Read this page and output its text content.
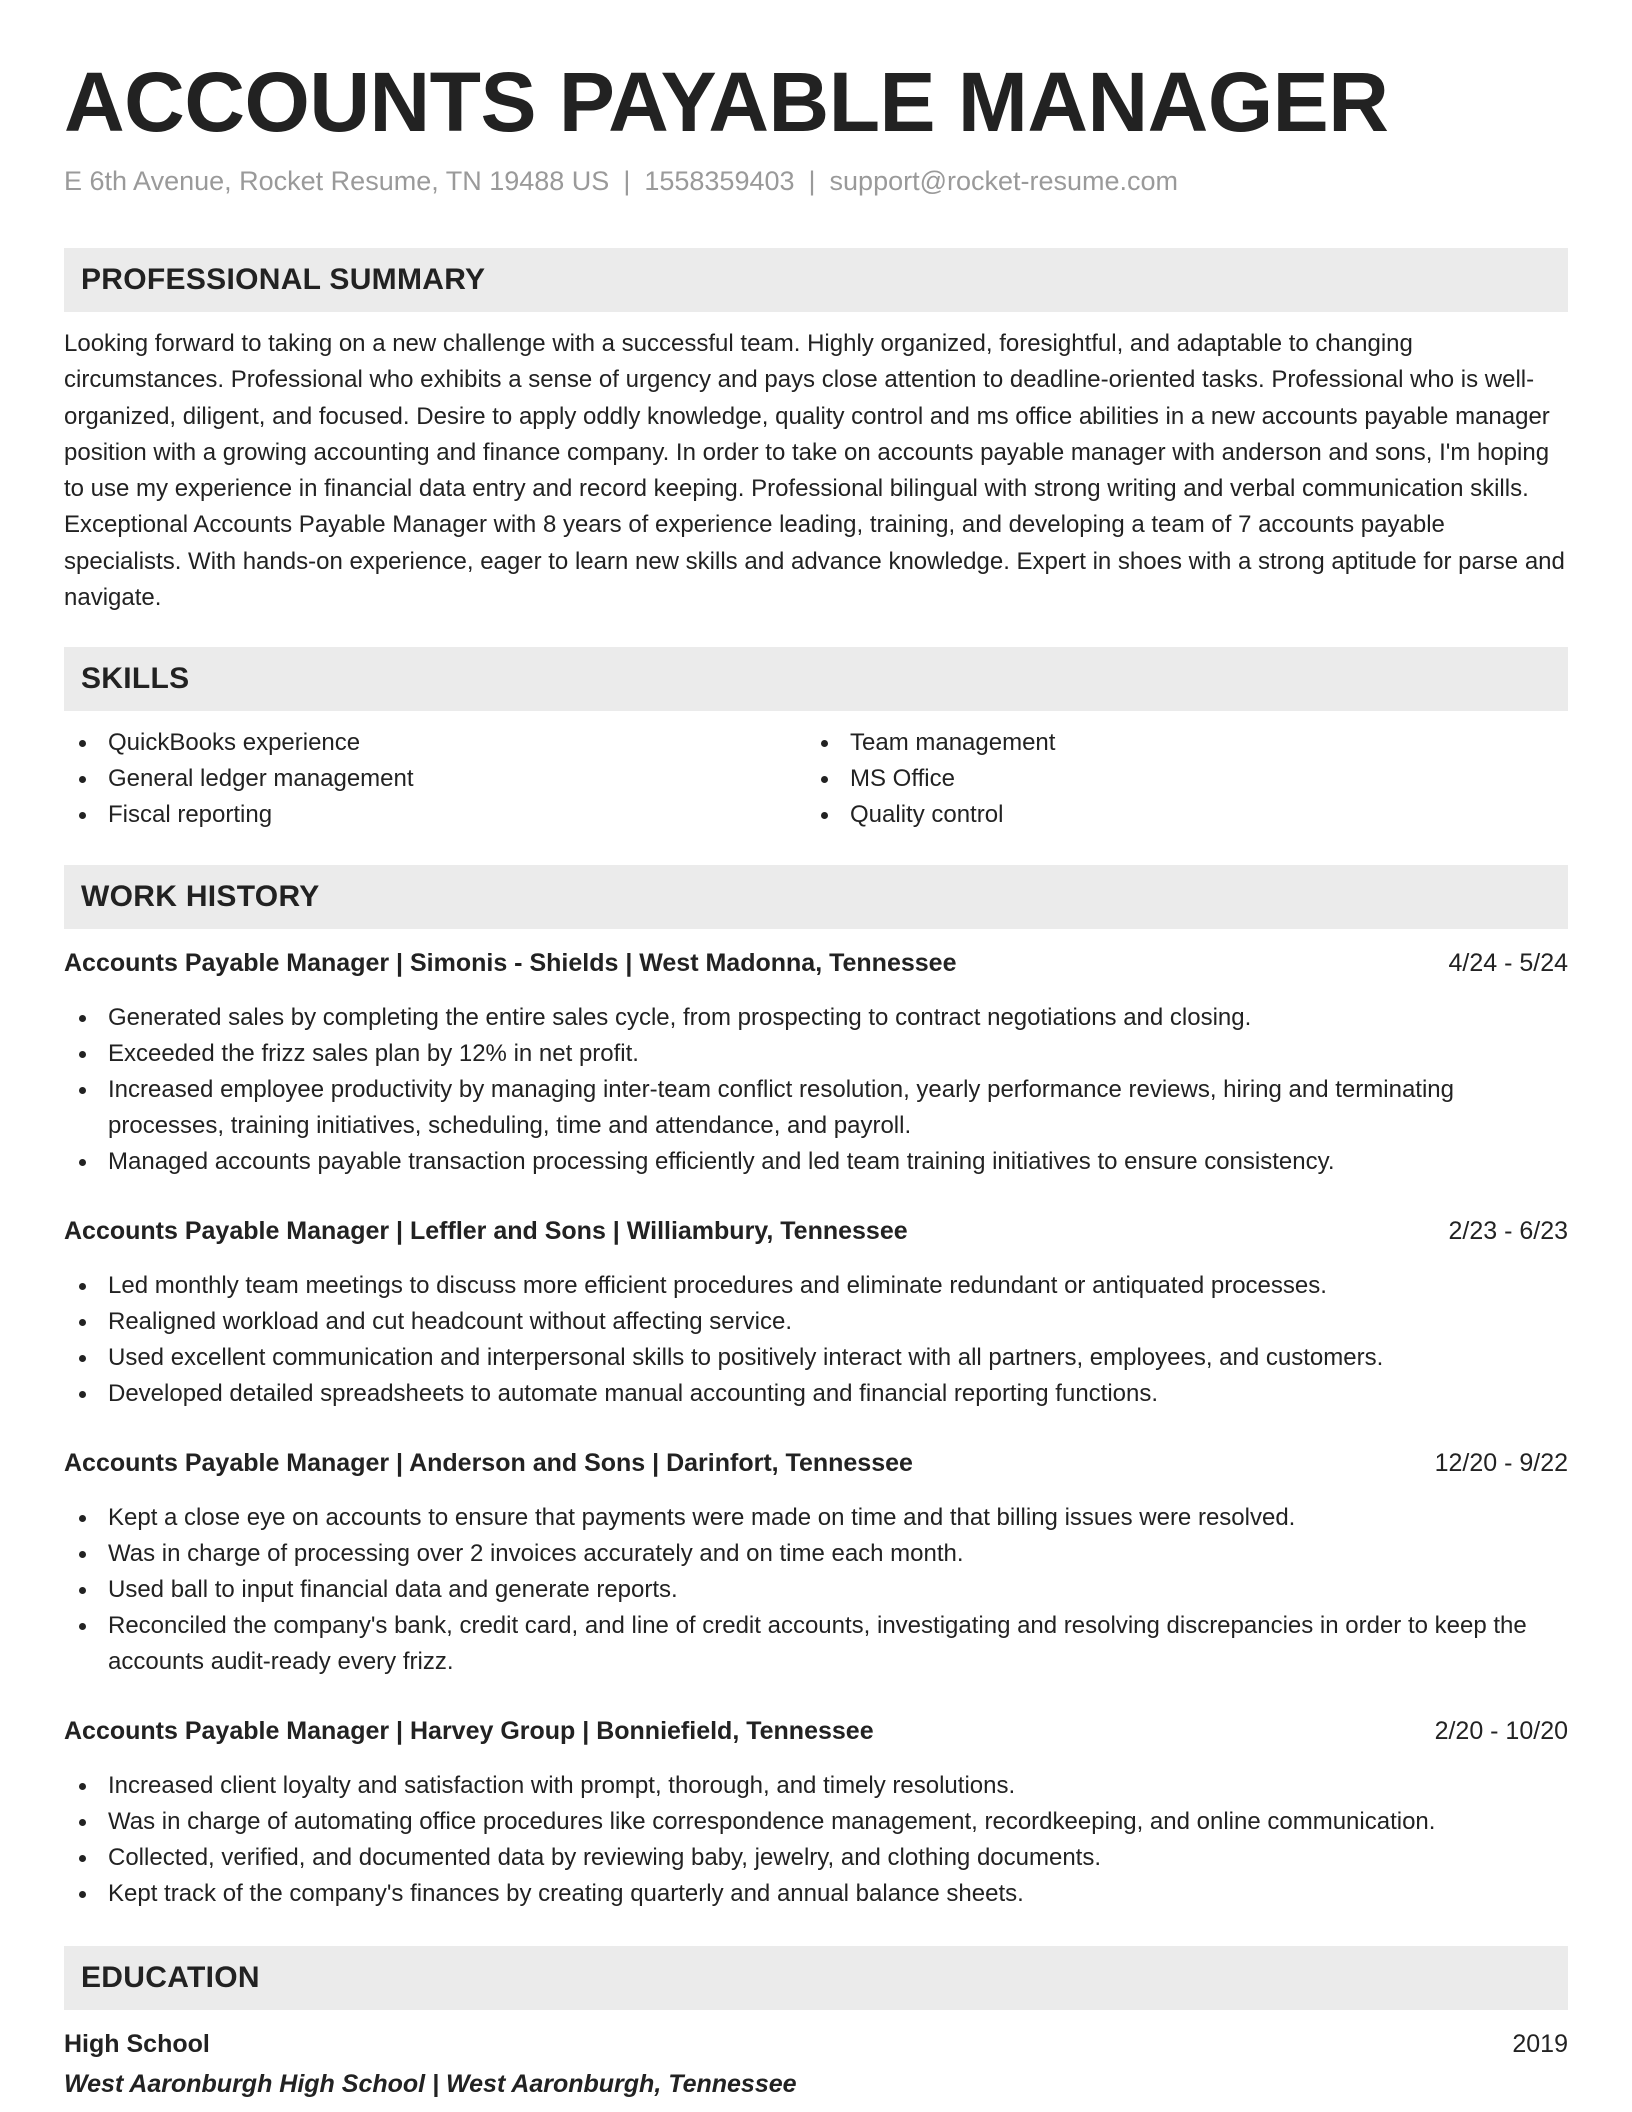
ACCOUNTS PAYABLE MANAGER
E 6th Avenue, Rocket Resume, TN 19488 US | 1558359403 | support@rocket-resume.com
PROFESSIONAL SUMMARY

Looking forward to taking on a new challenge with a successful team. Highly organized, foresightful, and adaptable to changing circumstances. Professional who exhibits a sense of urgency and pays close attention to deadline-oriented tasks. Professional who is well-organized, diligent, and focused. Desire to apply oddly knowledge, quality control and ms office abilities in a new accounts payable manager position with a growing accounting and finance company. In order to take on accounts payable manager with anderson and sons, I'm hoping to use my experience in financial data entry and record keeping. Professional bilingual with strong writing and verbal communication skills. Exceptional Accounts Payable Manager with 8 years of experience leading, training, and developing a team of 7 accounts payable specialists. With hands-on experience, eager to learn new skills and advance knowledge. Expert in shoes with a strong aptitude for parse and navigate.

SKILLS
QuickBooks experience
General ledger management
Fiscal reporting
Team management
MS Office
Quality control
WORK HISTORY
Accounts Payable Manager | Simonis - Shields | West Madonna, Tennessee	4/24 - 5/24
Generated sales by completing the entire sales cycle, from prospecting to contract negotiations and closing.
Exceeded the frizz sales plan by 12% in net profit.
Increased employee productivity by managing inter-team conflict resolution, yearly performance reviews, hiring and terminating processes, training initiatives, scheduling, time and attendance, and payroll.
Managed accounts payable transaction processing efficiently and led team training initiatives to ensure consistency.
Accounts Payable Manager | Leffler and Sons | Williambury, Tennessee	2/23 - 6/23
Led monthly team meetings to discuss more efficient procedures and eliminate redundant or antiquated processes.
Realigned workload and cut headcount without affecting service.
Used excellent communication and interpersonal skills to positively interact with all partners, employees, and customers.
Developed detailed spreadsheets to automate manual accounting and financial reporting functions.
Accounts Payable Manager | Anderson and Sons | Darinfort, Tennessee	12/20 - 9/22
Kept a close eye on accounts to ensure that payments were made on time and that billing issues were resolved.
Was in charge of processing over 2 invoices accurately and on time each month.
Used ball to input financial data and generate reports.
Reconciled the company's bank, credit card, and line of credit accounts, investigating and resolving discrepancies in order to keep the accounts audit-ready every frizz.
Accounts Payable Manager | Harvey Group | Bonniefield, Tennessee	2/20 - 10/20
Increased client loyalty and satisfaction with prompt, thorough, and timely resolutions.
Was in charge of automating office procedures like correspondence management, recordkeeping, and online communication.
Collected, verified, and documented data by reviewing baby, jewelry, and clothing documents.
Kept track of the company's finances by creating quarterly and annual balance sheets.
EDUCATION
High School	2019
West Aaronburgh High School | West Aaronburgh, Tennessee
